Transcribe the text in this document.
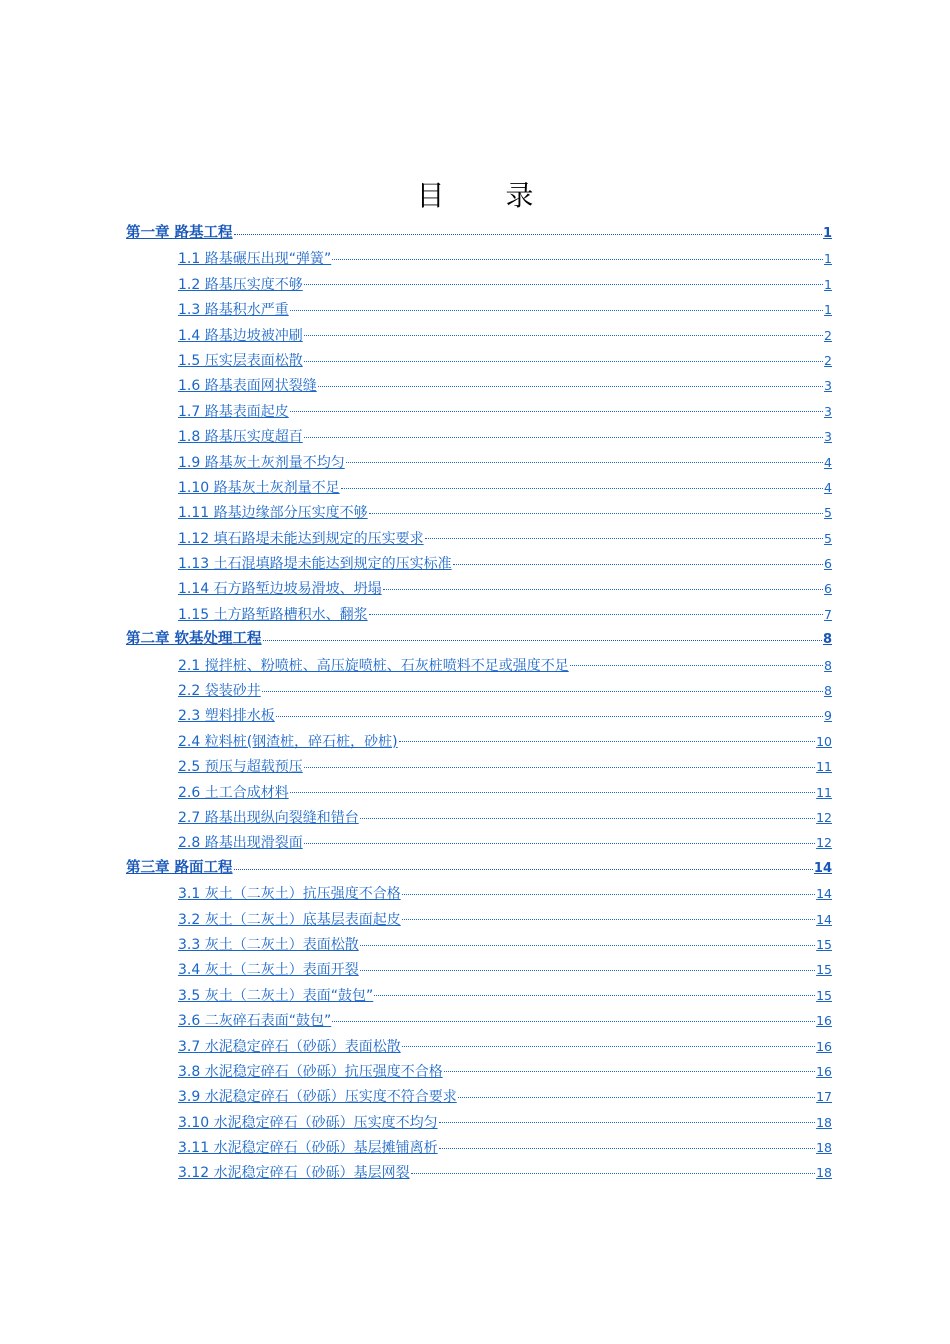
目 录
第一章 路基工程	1
1.1 路基碾压出现“弹簧”	1
1.2 路基压实度不够	1
1.3 路基积水严重	1
1.4 路基边坡被冲刷	2
1.5 压实层表面松散	2
1.6 路基表面网状裂缝	3
1.7 路基表面起皮	3
1.8 路基压实度超百	3
1.9 路基灰土灰剂量不均匀	4
1.10 路基灰土灰剂量不足	4
1.11 路基边缘部分压实度不够	5
1.12 填石路堤未能达到规定的压实要求	5
1.13 土石混填路堤未能达到规定的压实标准	6
1.14 石方路堑边坡易滑坡、坍塌	6
1.15 土方路堑路槽积水、翻浆	7
第二章 软基处理工程	8
2.1 搅拌桩、粉喷桩、高压旋喷桩、石灰桩喷料不足或强度不足	8
2.2 袋装砂井	8
2.3 塑料排水板	9
2.4 粒料桩(钢渣桩，碎石桩，砂桩)	10
2.5 预压与超载预压	11
2.6 土工合成材料	11
2.7 路基出现纵向裂缝和错台	12
2.8 路基出现滑裂面	12
第三章 路面工程	14
3.1 灰土（二灰土）抗压强度不合格	14
3.2 灰土（二灰土）底基层表面起皮	14
3.3 灰土（二灰土）表面松散	15
3.4 灰土（二灰土）表面开裂	15
3.5 灰土（二灰土）表面“鼓包”	15
3.6 二灰碎石表面“鼓包”	16
3.7 水泥稳定碎石（砂砾）表面松散	16
3.8 水泥稳定碎石（砂砾）抗压强度不合格	16
3.9 水泥稳定碎石（砂砾）压实度不符合要求	17
3.10 水泥稳定碎石（砂砾）压实度不均匀	18
3.11 水泥稳定碎石（砂砾）基层摊铺离析	18
3.12 水泥稳定碎石（砂砾）基层网裂	18
